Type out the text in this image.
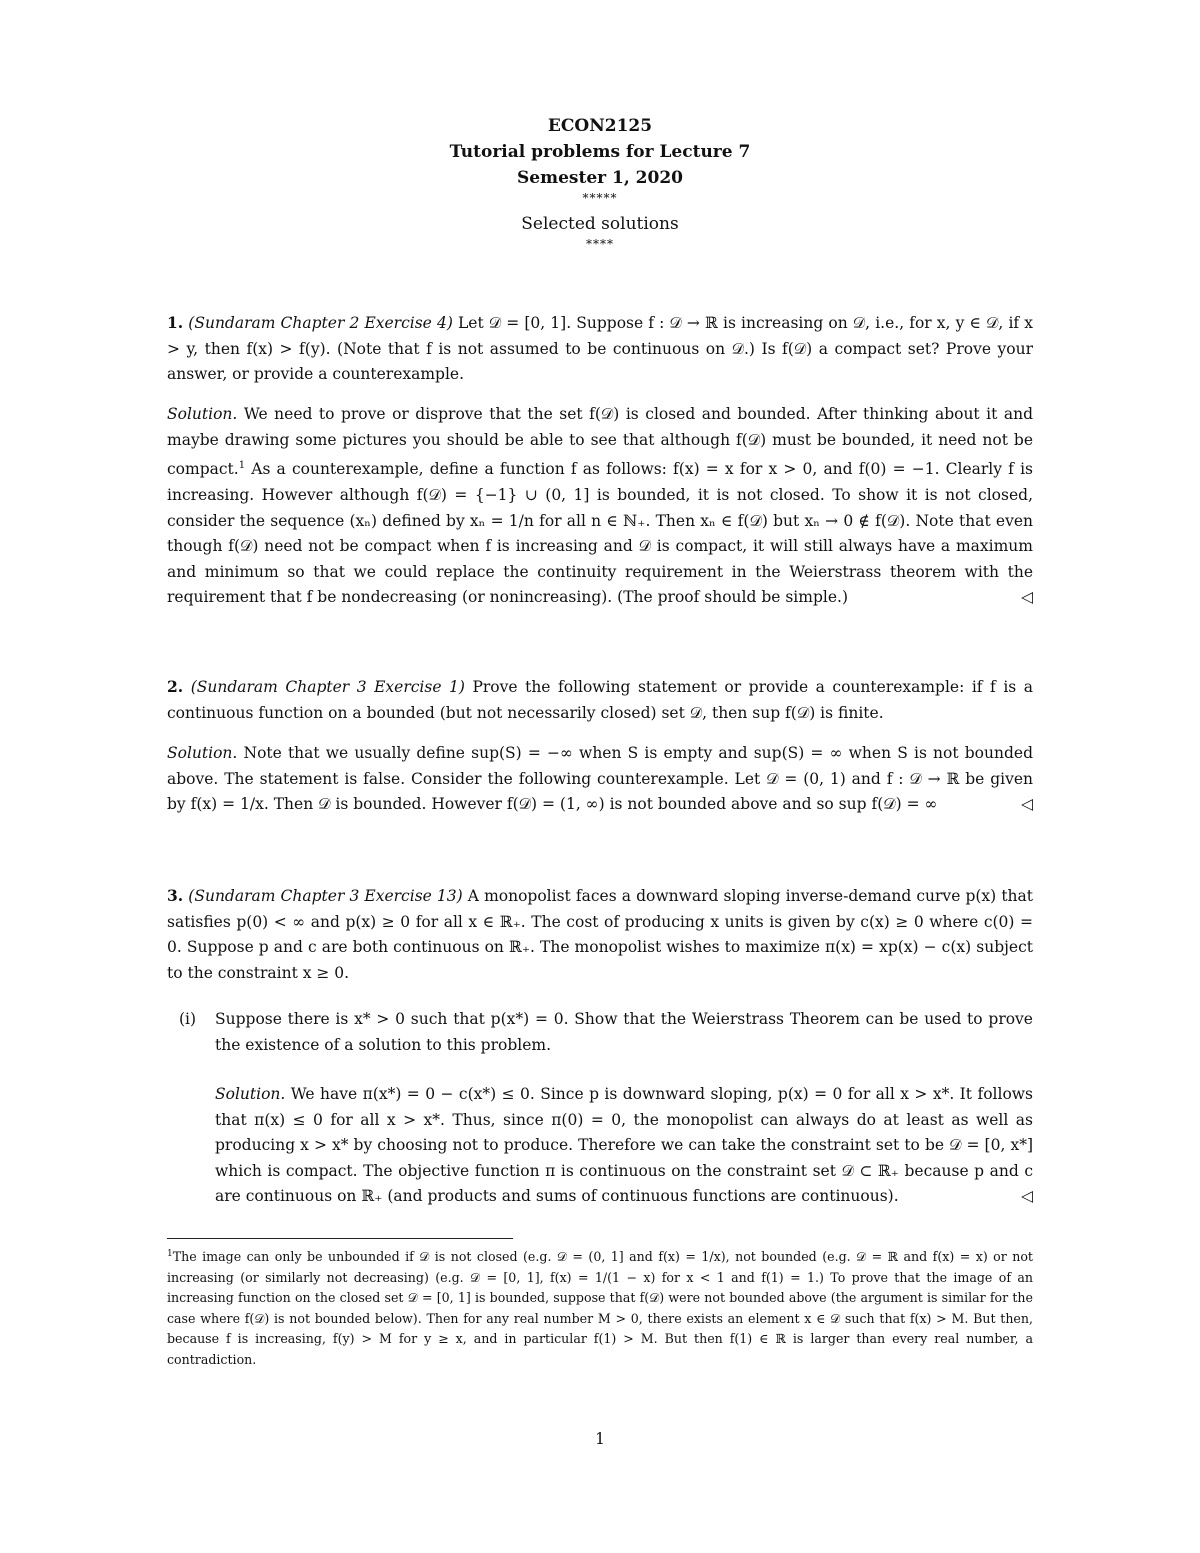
ECON2125
Tutorial problems for Lecture 7
Semester 1, 2020
*****
Selected solutions
****

1. (Sundaram Chapter 2 Exercise 4) Let 𝒟 = [0, 1]. Suppose f : 𝒟 → ℝ is increasing on 𝒟, i.e., for x, y ∈ 𝒟, if x > y, then f(x) > f(y). (Note that f is not assumed to be continuous on 𝒟.) Is f(𝒟) a compact set? Prove your answer, or provide a counterexample.

Solution. We need to prove or disprove that the set f(𝒟) is closed and bounded. After thinking about it and maybe drawing some pictures you should be able to see that although f(𝒟) must be bounded, it need not be compact.$^1$ As a counterexample, define a function f as follows: f(x) = x for x > 0, and f(0) = −1. Clearly f is increasing. However although f(𝒟) = {−1} ∪ (0, 1] is bounded, it is not closed. To show it is not closed, consider the sequence (xₙ) defined by xₙ = 1/n for all n ∈ ℕ₊. Then xₙ ∈ f(𝒟) but xₙ → 0 ∉ f(𝒟). Note that even though f(𝒟) need not be compact when f is increasing and 𝒟 is compact, it will still always have a maximum and minimum so that we could replace the continuity requirement in the Weierstrass theorem with the requirement that f be nondecreasing (or nonincreasing). (The proof should be simple.)	◁

2. (Sundaram Chapter 3 Exercise 1) Prove the following statement or provide a counterexample: if f is a continuous function on a bounded (but not necessarily closed) set 𝒟, then sup f(𝒟) is finite.

Solution. Note that we usually define sup(S) = −∞ when S is empty and sup(S) = ∞ when S is not bounded above. The statement is false. Consider the following counterexample. Let 𝒟 = (0, 1) and f : 𝒟 → ℝ be given by f(x) = 1/x. Then 𝒟 is bounded. However f(𝒟) = (1, ∞) is not bounded above and so sup f(𝒟) = ∞	◁

3. (Sundaram Chapter 3 Exercise 13) A monopolist faces a downward sloping inverse-demand curve p(x) that satisfies p(0) < ∞ and p(x) ≥ 0 for all x ∈ ℝ₊. The cost of producing x units is given by c(x) ≥ 0 where c(0) = 0. Suppose p and c are both continuous on ℝ₊. The monopolist wishes to maximize π(x) = xp(x) − c(x) subject to the constraint x ≥ 0.

(i) Suppose there is x* > 0 such that p(x*) = 0. Show that the Weierstrass Theorem can be used to prove the existence of a solution to this problem.

Solution. We have π(x*) = 0 − c(x*) ≤ 0. Since p is downward sloping, p(x) = 0 for all x > x*. It follows that π(x) ≤ 0 for all x > x*. Thus, since π(0) = 0, the monopolist can always do at least as well as producing x > x* by choosing not to produce. Therefore we can take the constraint set to be 𝒟 = [0, x*] which is compact. The objective function π is continuous on the constraint set 𝒟 ⊂ ℝ₊ because p and c are continuous on ℝ₊ (and products and sums of continuous functions are continuous).	◁

$^1$The image can only be unbounded if 𝒟 is not closed (e.g. 𝒟 = (0, 1] and f(x) = 1/x), not bounded (e.g. 𝒟 = ℝ and f(x) = x) or not increasing (or similarly not decreasing) (e.g. 𝒟 = [0, 1], f(x) = 1/(1 − x) for x < 1 and f(1) = 1.) To prove that the image of an increasing function on the closed set 𝒟 = [0, 1] is bounded, suppose that f(𝒟) were not bounded above (the argument is similar for the case where f(𝒟) is not bounded below). Then for any real number M > 0, there exists an element x ∈ 𝒟 such that f(x) > M. But then, because f is increasing, f(y) > M for y ≥ x, and in particular f(1) > M. But then f(1) ∈ ℝ is larger than every real number, a contradiction.

1
